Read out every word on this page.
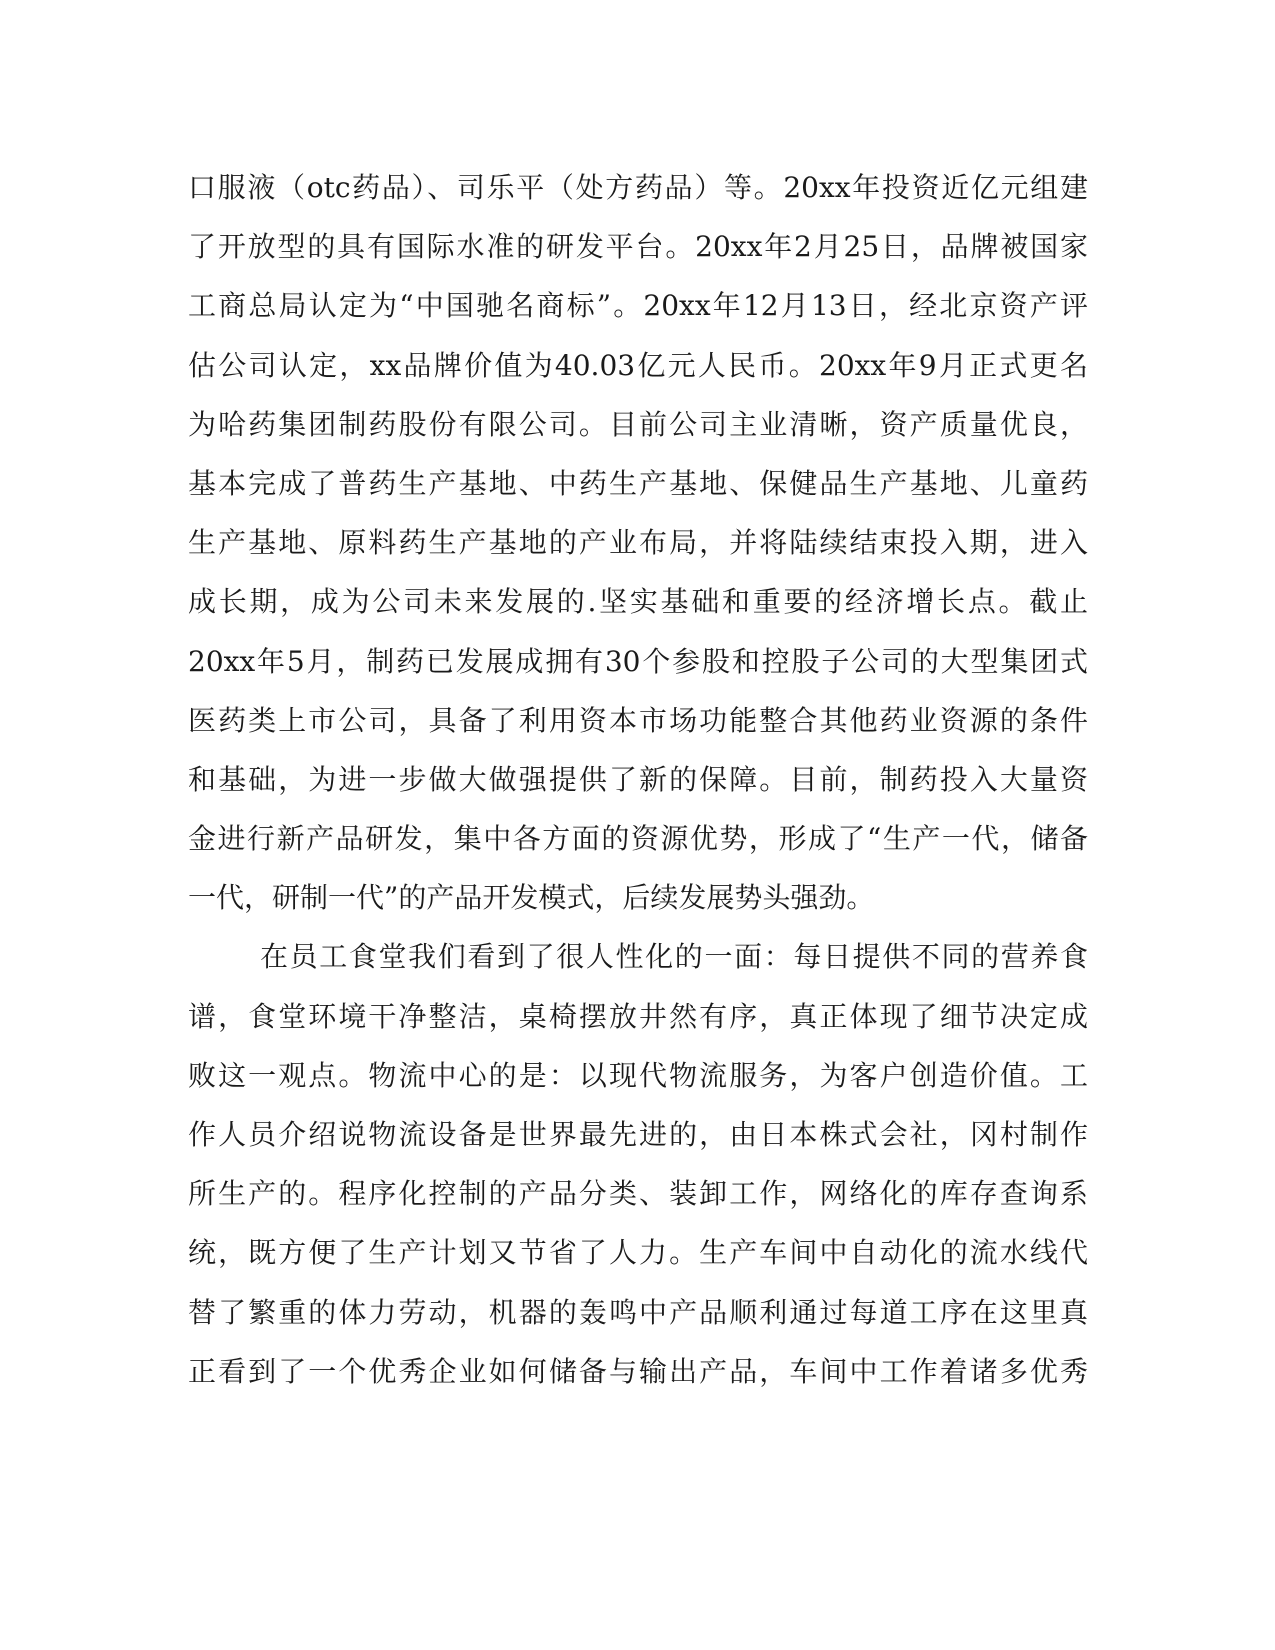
口服液（otc药品）、司乐平（处方药品）等。20xx年投资近亿元组建
了开放型的具有国际水准的研发平台。20xx年2月25日，品牌被国家
工商总局认定为“中国驰名商标”。20xx年12月13日，经北京资产评
估公司认定，xx品牌价值为40.03亿元人民币。20xx年9月正式更名
为哈药集团制药股份有限公司。目前公司主业清晰，资产质量优良，
基本完成了普药生产基地、中药生产基地、保健品生产基地、儿童药
生产基地、原料药生产基地的产业布局，并将陆续结束投入期，进入
成长期，成为公司未来发展的.坚实基础和重要的经济增长点。截止
20xx年5月，制药已发展成拥有30个参股和控股子公司的大型集团式
医药类上市公司，具备了利用资本市场功能整合其他药业资源的条件
和基础，为进一步做大做强提供了新的保障。目前，制药投入大量资
金进行新产品研发，集中各方面的资源优势，形成了“生产一代，储备
一代，研制一代”的产品开发模式，后续发展势头强劲。
在员工食堂我们看到了很人性化的一面：每日提供不同的营养食
谱，食堂环境干净整洁，桌椅摆放井然有序，真正体现了细节决定成
败这一观点。物流中心的是：以现代物流服务，为客户创造价值。工
作人员介绍说物流设备是世界最先进的，由日本株式会社，冈村制作
所生产的。程序化控制的产品分类、装卸工作，网络化的库存查询系
统，既方便了生产计划又节省了人力。生产车间中自动化的流水线代
替了繁重的体力劳动，机器的轰鸣中产品顺利通过每道工序在这里真
正看到了一个优秀企业如何储备与输出产品，车间中工作着诸多优秀
